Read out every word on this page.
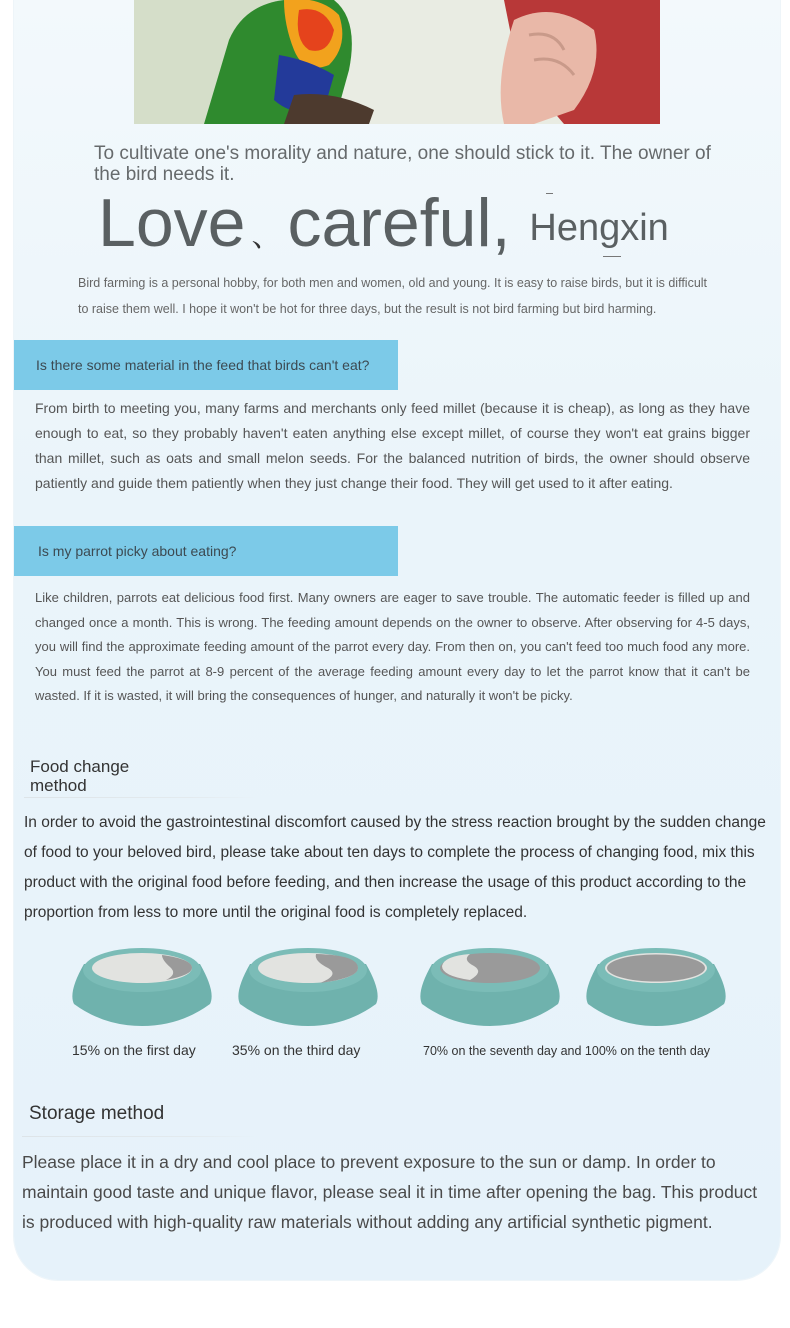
To cultivate one's morality and nature, one should stick to it. The owner of the bird needs it.
Love 、careful, Hengxin
Bird farming is a personal hobby, for both men and women, old and young. It is easy to raise birds, but it is difficult to raise them well. I hope it won't be hot for three days, but the result is not bird farming but bird harming.
Is there some material in the feed that birds can't eat?
From birth to meeting you, many farms and merchants only feed millet (because it is cheap), as long as they have enough to eat, so they probably haven't eaten anything else except millet, of course they won't eat grains bigger than millet, such as oats and small melon seeds. For the balanced nutrition of birds, the owner should observe patiently and guide them patiently when they just change their food. They will get used to it after eating.
Is my parrot picky about eating?
Like children, parrots eat delicious food first. Many owners are eager to save trouble. The automatic feeder is filled up and changed once a month. This is wrong. The feeding amount depends on the owner to observe. After observing for 4-5 days, you will find the approximate feeding amount of the parrot every day. From then on, you can't feed too much food any more. You must feed the parrot at 8-9 percent of the average feeding amount every day to let the parrot know that it can't be wasted. If it is wasted, it will bring the consequences of hunger, and naturally it won't be picky.
Food change
method
In order to avoid the gastrointestinal discomfort caused by the stress reaction brought by the sudden change of food to your beloved bird, please take about ten days to complete the process of changing food, mix this product with the original food before feeding, and then increase the usage of this product according to the proportion from less to more until the original food is completely replaced.
15% on the first day	35% on the third day	70% on the seventh day and 100% on the tenth day
Storage method
Please place it in a dry and cool place to prevent exposure to the sun or damp. In order to maintain good taste and unique flavor, please seal it in time after opening the bag. This product is produced with high-quality raw materials without adding any artificial synthetic pigment.
